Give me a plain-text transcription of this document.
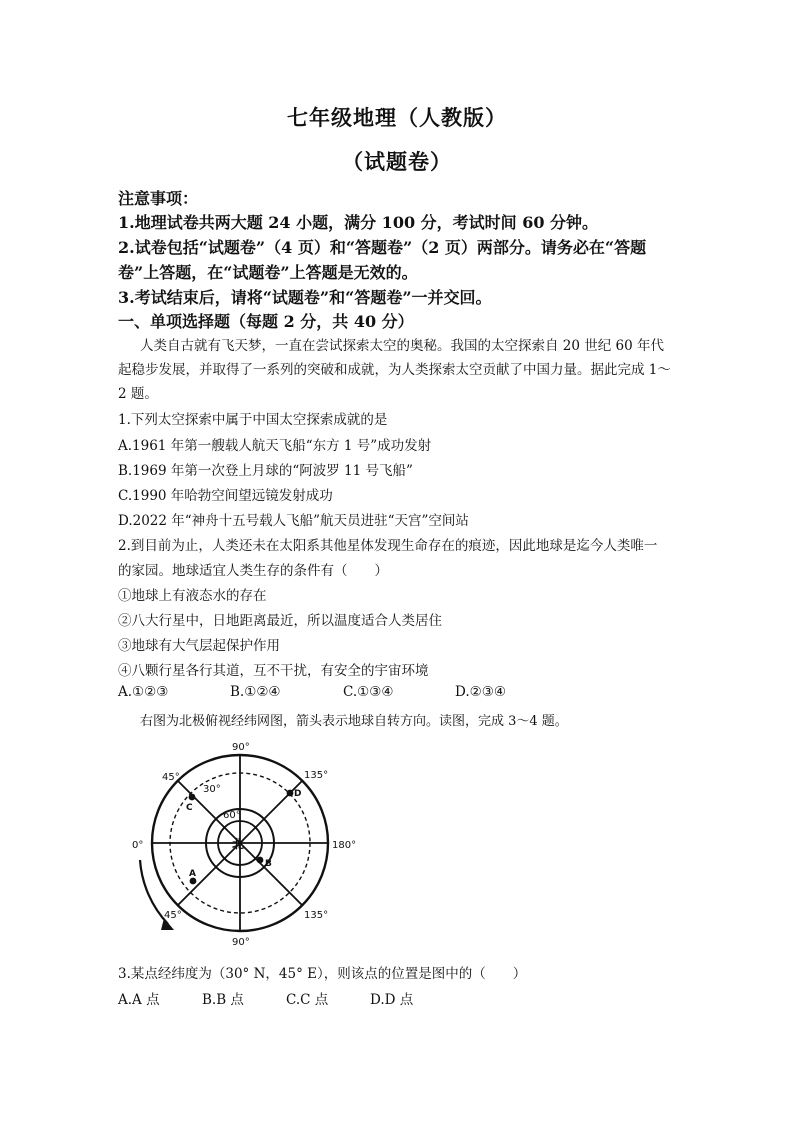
七年级地理（人教版）
（试题卷）
注意事项：
1.地理试卷共两大题 24 小题，满分 100 分，考试时间 60 分钟。
2.试卷包括“试题卷”（4 页）和“答题卷”（2 页）两部分。请务必在“答题
卷”上答题，在“试题卷”上答题是无效的。
3.考试结束后，请将“试题卷”和“答题卷”一并交回。
一、单项选择题（每题 2 分，共 40 分）
人类自古就有飞天梦，一直在尝试探索太空的奥秘。我国的太空探索自 20 世纪 60 年代
起稳步发展，并取得了一系列的突破和成就，为人类探索太空贡献了中国力量。据此完成 1～
2 题。
1.下列太空探索中属于中国太空探索成就的是
A.1961 年第一艘载人航天飞船“东方 1 号”成功发射
B.1969 年第一次登上月球的“阿波罗 11 号飞船”
C.1990 年哈勃空间望远镜发射成功
D.2022 年“神舟十五号载人飞船”航天员进驻“天宫”空间站
2.到目前为止，人类还未在太阳系其他星体发现生命存在的痕迹，因此地球是迄今人类唯一
的家园。地球适宜人类生存的条件有（　　）
①地球上有液态水的存在
②八大行星中，日地距离最近，所以温度适合人类居住
③地球有大气层起保护作用
④八颗行星各行其道，互不干扰，有安全的宇宙环境
A.①②③	B.①②④	C.①③④	D.②③④
右图为北极俯视经纬网图，箭头表示地球自转方向。读图，完成 3～4 题。
90°
90°
0°	180°
45°	135°
45°	135°
30°
60°
北
A
B
C
D
3.某点经纬度为（30° N，45° E），则该点的位置是图中的（　　）
A.A 点	B.B 点	C.C 点	D.D 点
